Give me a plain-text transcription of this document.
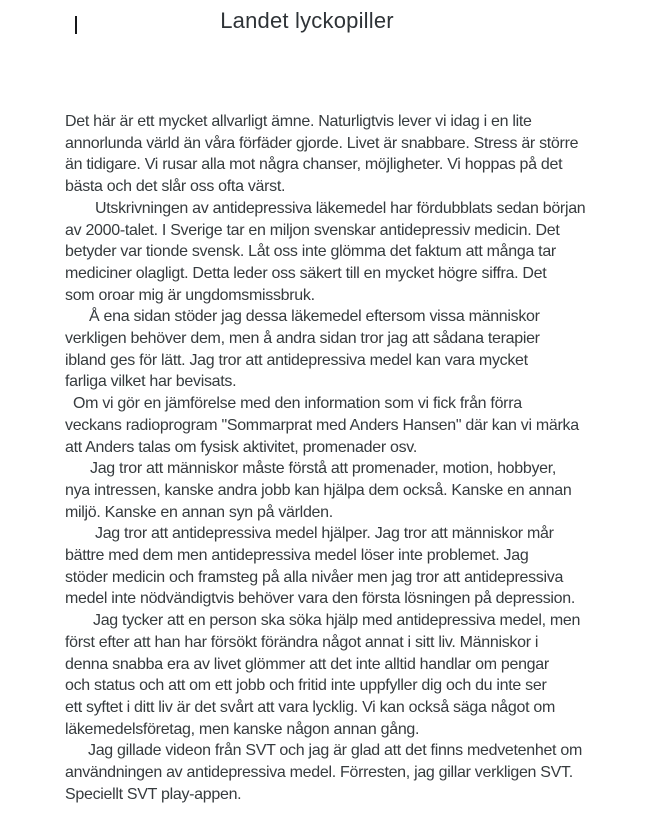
Landet lyckopiller
Det här är ett mycket allvarligt ämne. Naturligtvis lever vi idag i en lite
annorlunda värld än våra förfäder gjorde. Livet är snabbare. Stress är större
än tidigare. Vi rusar alla mot några chanser, möjligheter. Vi hoppas på det
bästa och det slår oss ofta värst.
Utskrivningen av antidepressiva läkemedel har fördubblats sedan början
av 2000-talet. I Sverige tar en miljon svenskar antidepressiv medicin. Det
betyder var tionde svensk. Låt oss inte glömma det faktum att många tar
mediciner olagligt. Detta leder oss säkert till en mycket högre siffra. Det
som oroar mig är ungdomsmissbruk.
Å ena sidan stöder jag dessa läkemedel eftersom vissa människor
verkligen behöver dem, men å andra sidan tror jag att sådana terapier
ibland ges för lätt. Jag tror att antidepressiva medel kan vara mycket
farliga vilket har bevisats.
Om vi gör en jämförelse med den information som vi fick från förra
veckans radioprogram "Sommarprat med Anders Hansen" där kan vi märka
att Anders talas om fysisk aktivitet, promenader osv.
Jag tror att människor måste förstå att promenader, motion, hobbyer,
nya intressen, kanske andra jobb kan hjälpa dem också. Kanske en annan
miljö. Kanske en annan syn på världen.
Jag tror att antidepressiva medel hjälper. Jag tror att människor mår
bättre med dem men antidepressiva medel löser inte problemet. Jag
stöder medicin och framsteg på alla nivåer men jag tror att antidepressiva
medel inte nödvändigtvis behöver vara den första lösningen på depression.
Jag tycker att en person ska söka hjälp med antidepressiva medel, men
först efter att han har försökt förändra något annat i sitt liv. Människor i
denna snabba era av livet glömmer att det inte alltid handlar om pengar
och status och att om ett jobb och fritid inte uppfyller dig och du inte ser
ett syftet i ditt liv är det svårt att vara lycklig. Vi kan också säga något om
läkemedelsföretag, men kanske någon annan gång.
Jag gillade videon från SVT och jag är glad att det finns medvetenhet om
användningen av antidepressiva medel. Förresten, jag gillar verkligen SVT.
Speciellt SVT play-appen.
